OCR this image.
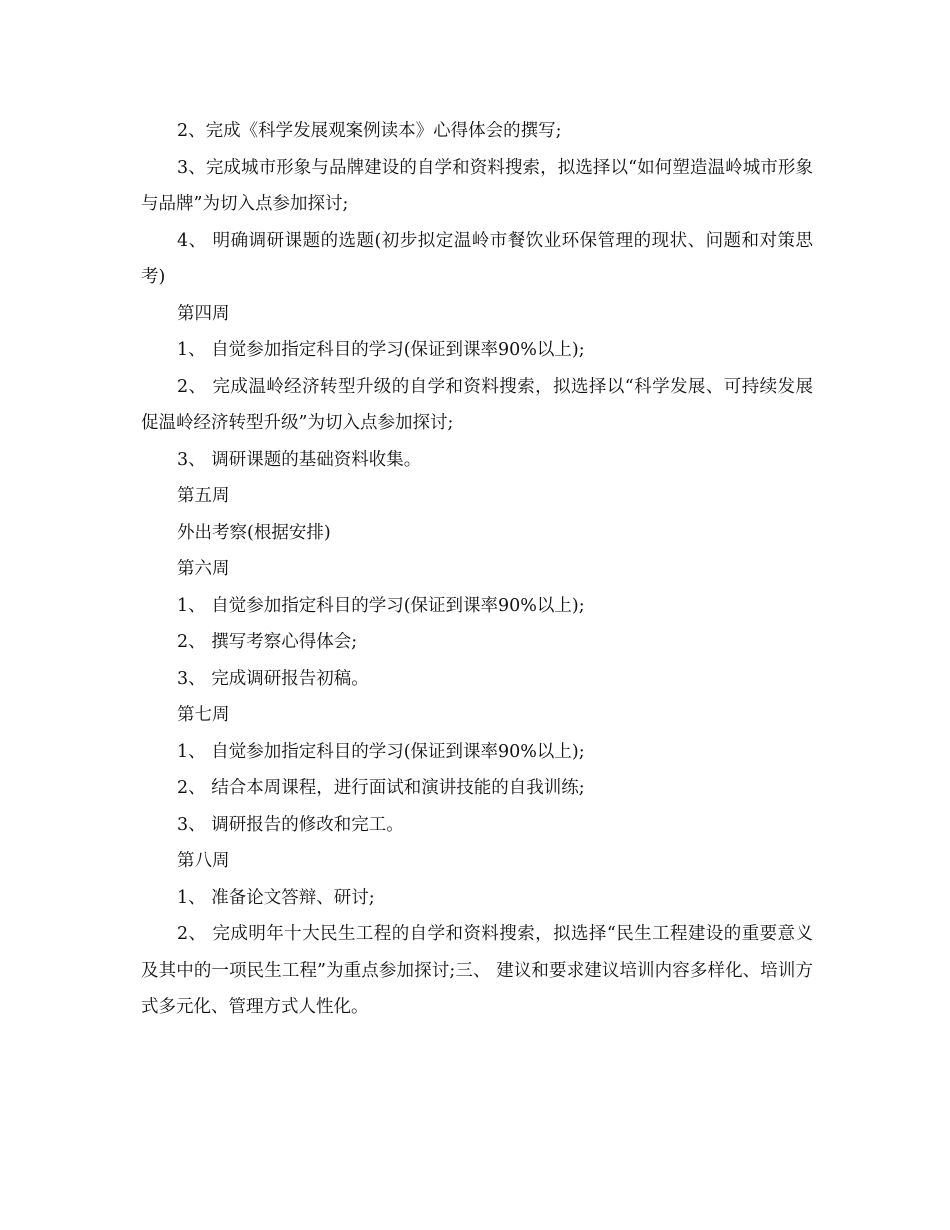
2、完成《科学发展观案例读本》心得体会的撰写;

3、完成城市形象与品牌建设的自学和资料搜索，拟选择以“如何塑造温岭城市形象与品牌”为切入点参加探讨;

4、 明确调研课题的选题(初步拟定温岭市餐饮业环保管理的现状、问题和对策思考)

第四周

1、 自觉参加指定科目的学习(保证到课率90%以上);

2、 完成温岭经济转型升级的自学和资料搜索，拟选择以“科学发展、可持续发展促温岭经济转型升级”为切入点参加探讨;

3、 调研课题的基础资料收集。

第五周

外出考察(根据安排)

第六周

1、 自觉参加指定科目的学习(保证到课率90%以上);

2、 撰写考察心得体会;

3、 完成调研报告初稿。

第七周

1、 自觉参加指定科目的学习(保证到课率90%以上);

2、 结合本周课程，进行面试和演讲技能的自我训练;

3、 调研报告的修改和完工。

第八周

1、 准备论文答辩、研讨;

2、 完成明年十大民生工程的自学和资料搜索，拟选择“民生工程建设的重要意义及其中的一项民生工程”为重点参加探讨;三、 建议和要求建议培训内容多样化、培训方式多元化、管理方式人性化。
